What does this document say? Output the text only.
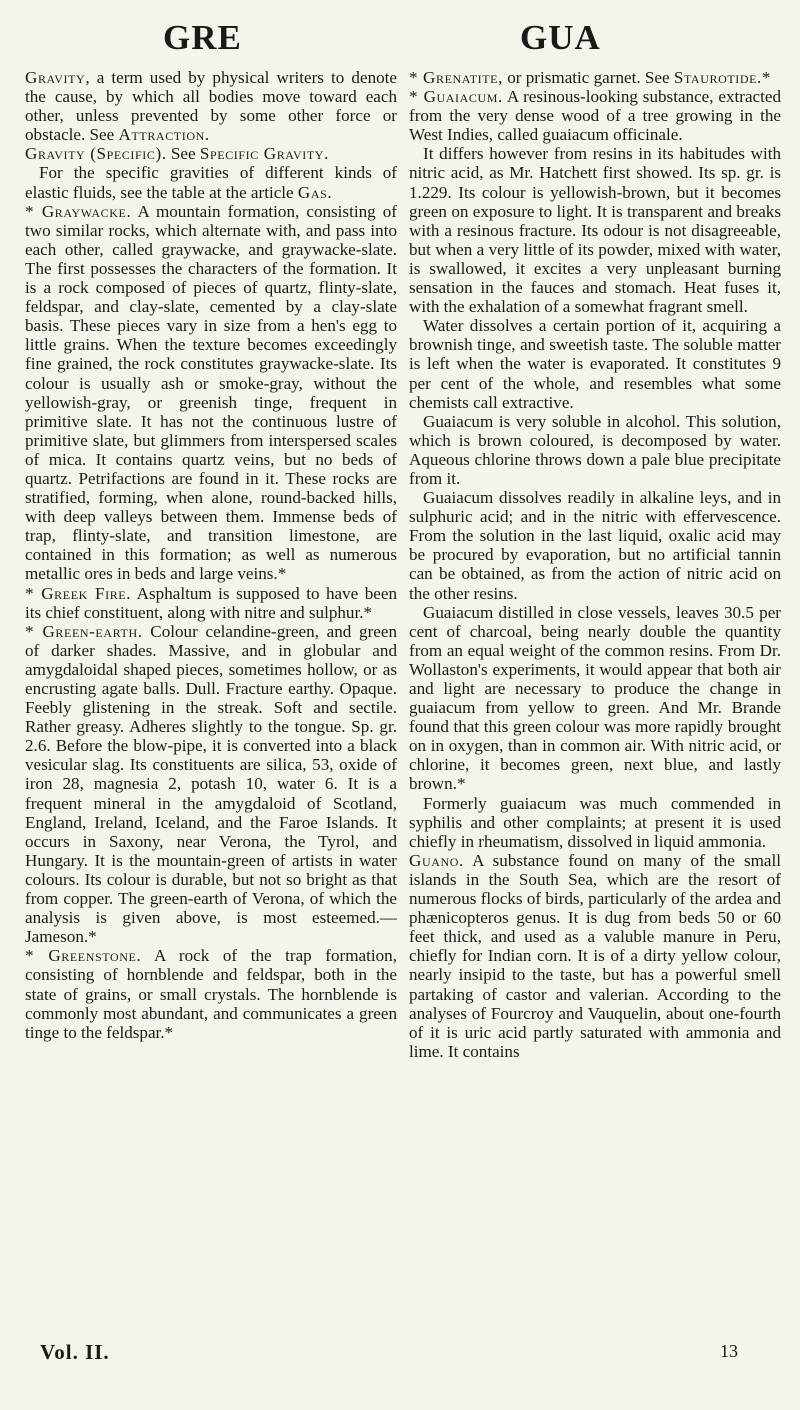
GRE	GUA

Gravity, a term used by physical writers to denote the cause, by which all bodies move toward each other, unless prevented by some other force or obstacle. See Attraction.

Gravity (Specific). See Specific Gravity.

For the specific gravities of different kinds of elastic fluids, see the table at the article Gas.

* Graywacke. A mountain formation, consisting of two similar rocks, which alternate with, and pass into each other, called graywacke, and graywacke-slate. The first possesses the characters of the formation. It is a rock composed of pieces of quartz, flinty-slate, feldspar, and clay-slate, cemented by a clay-slate basis. These pieces vary in size from a hen's egg to little grains. When the texture becomes exceedingly fine grained, the rock constitutes graywacke-slate. Its colour is usually ash or smoke-gray, without the yellowish-gray, or greenish tinge, frequent in primitive slate. It has not the continuous lustre of primitive slate, but glimmers from interspersed scales of mica. It contains quartz veins, but no beds of quartz. Petrifactions are found in it. These rocks are stratified, forming, when alone, round-backed hills, with deep valleys between them. Immense beds of trap, flinty-slate, and transition limestone, are contained in this formation; as well as numerous metallic ores in beds and large veins.*

* Greek Fire. Asphaltum is supposed to have been its chief constituent, along with nitre and sulphur.*

* Green-earth. Colour celandine-green, and green of darker shades. Massive, and in globular and amygdaloidal shaped pieces, sometimes hollow, or as encrusting agate balls. Dull. Fracture earthy. Opaque. Feebly glistening in the streak. Soft and sectile. Rather greasy. Adheres slightly to the tongue. Sp. gr. 2.6. Before the blow-pipe, it is converted into a black vesicular slag. Its constituents are silica, 53, oxide of iron 28, magnesia 2, potash 10, water 6. It is a frequent mineral in the amygdaloid of Scotland, England, Ireland, Iceland, and the Faroe Islands. It occurs in Saxony, near Verona, the Tyrol, and Hungary. It is the mountain-green of artists in water colours. Its colour is durable, but not so bright as that from copper. The green-earth of Verona, of which the analysis is given above, is most esteemed.—Jameson.*

* Greenstone. A rock of the trap formation, consisting of hornblende and feldspar, both in the state of grains, or small crystals. The hornblende is commonly most abundant, and communicates a green tinge to the feldspar.*

* Grenatite, or prismatic garnet. See Staurotide.*

* Guaiacum. A resinous-looking substance, extracted from the very dense wood of a tree growing in the West Indies, called guaiacum officinale.

It differs however from resins in its habitudes with nitric acid, as Mr. Hatchett first showed. Its sp. gr. is 1.229. Its colour is yellowish-brown, but it becomes green on exposure to light. It is transparent and breaks with a resinous fracture. Its odour is not disagreeable, but when a very little of its powder, mixed with water, is swallowed, it excites a very unpleasant burning sensation in the fauces and stomach. Heat fuses it, with the exhalation of a somewhat fragrant smell.

Water dissolves a certain portion of it, acquiring a brownish tinge, and sweetish taste. The soluble matter is left when the water is evaporated. It constitutes 9 per cent of the whole, and resembles what some chemists call extractive.

Guaiacum is very soluble in alcohol. This solution, which is brown coloured, is decomposed by water. Aqueous chlorine throws down a pale blue precipitate from it.

Guaiacum dissolves readily in alkaline leys, and in sulphuric acid; and in the nitric with effervescence. From the solution in the last liquid, oxalic acid may be procured by evaporation, but no artificial tannin can be obtained, as from the action of nitric acid on the other resins.

Guaiacum distilled in close vessels, leaves 30.5 per cent of charcoal, being nearly double the quantity from an equal weight of the common resins. From Dr. Wollaston's experiments, it would appear that both air and light are necessary to produce the change in guaiacum from yellow to green. And Mr. Brande found that this green colour was more rapidly brought on in oxygen, than in common air. With nitric acid, or chlorine, it becomes green, next blue, and lastly brown.*

Formerly guaiacum was much commended in syphilis and other complaints; at present it is used chiefly in rheumatism, dissolved in liquid ammonia.

Guano. A substance found on many of the small islands in the South Sea, which are the resort of numerous flocks of birds, particularly of the ardea and phænicopteros genus. It is dug from beds 50 or 60 feet thick, and used as a valuble manure in Peru, chiefly for Indian corn. It is of a dirty yellow colour, nearly insipid to the taste, but has a powerful smell partaking of castor and valerian. According to the analyses of Fourcroy and Vauquelin, about one-fourth of it is uric acid partly saturated with ammonia and lime. It contains

Vol. II.	13
